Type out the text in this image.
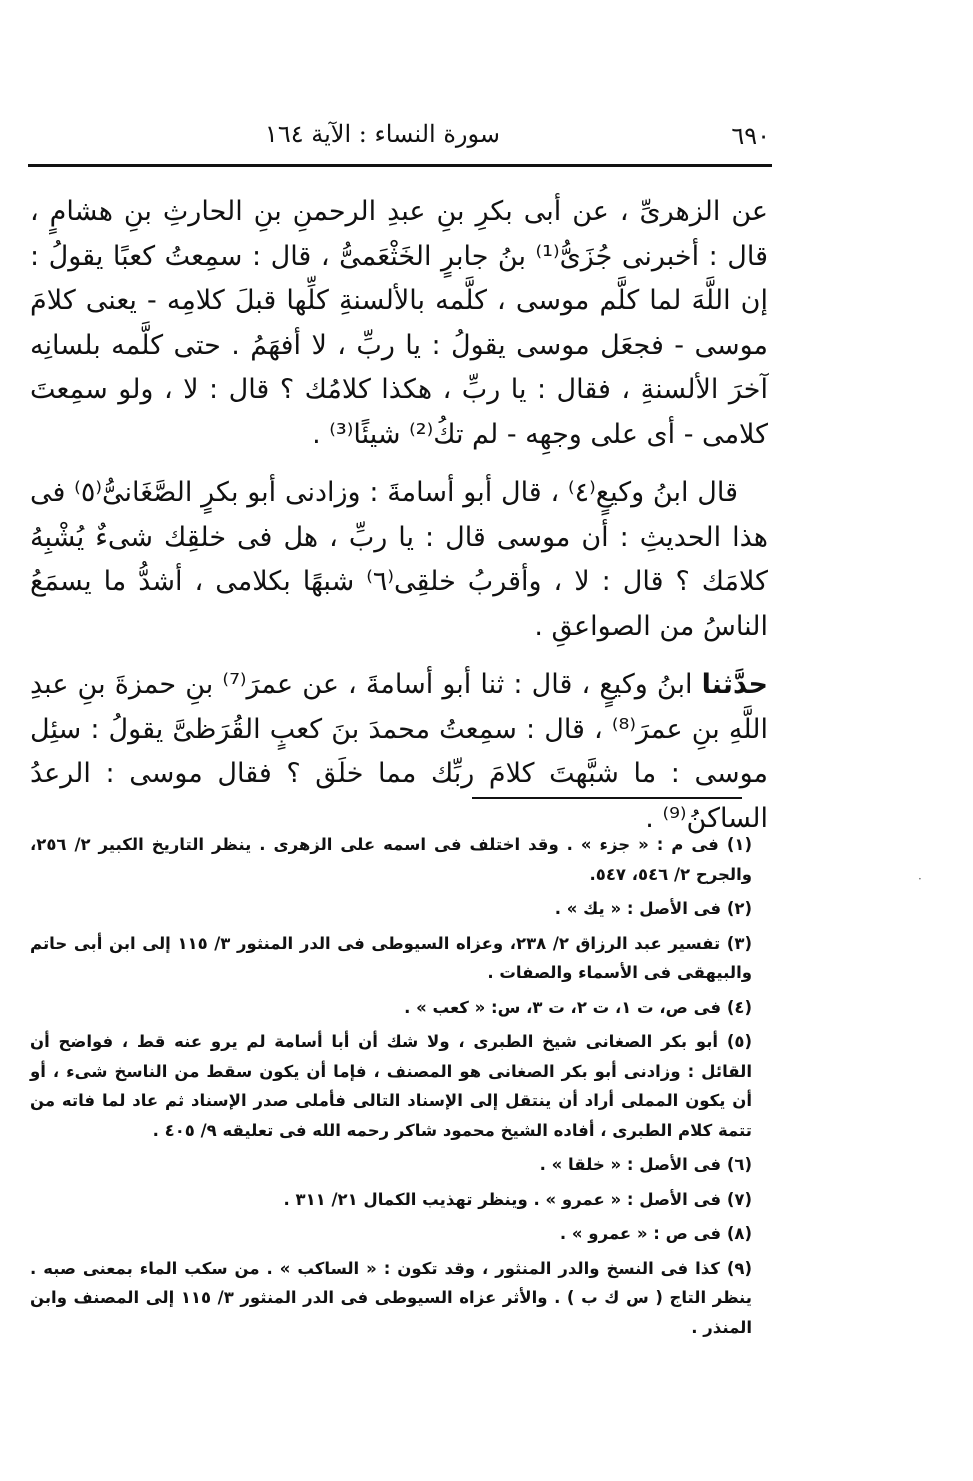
٦٩٠
سورة النساء : الآية ١٦٤

عن الزهرىِّ ، عن أبى بكرِ بنِ عبدِ الرحمنِ بنِ الحارثِ بنِ هشامٍ ، قال : أخبرنى جُزَىُّ⁽¹⁾ بنُ جابرٍ الخَثْعَمىُّ ، قال : سمِعتُ كعبًا يقولُ : إن اللَّهَ لما كلَّم موسى ، كلَّمه بالألسنةِ كلِّها قبلَ كلامِه - يعنى كلامَ موسى - فجعَل موسى يقولُ : يا ربِّ ، لا أفهَمُ . حتى كلَّمه بلسانِه آخرَ الألسنةِ ، فقال : يا ربِّ ، هكذا كلامُك ؟ قال : لا ، ولو سمِعتَ كلامى - أى على وجهِه - لم تكُ⁽²⁾ شيئًا⁽³⁾ .

قال ابنُ وكيعٍ⁽٤⁾ ، قال أبو أسامةَ : وزادنى أبو بكرٍ الصَّغَانىُّ⁽٥⁾ فى هذا الحديثِ : أن موسى قال : يا ربِّ ، هل فى خلقِك شىءٌ يُشْبِهُ كلامَك ؟ قال : لا ، وأقربُ خلقِى⁽٦⁾ شبهًا بكلامى ، أشدُّ ما يسمَعُ الناسُ من الصواعقِ .

حدَّثنا ابنُ وكيعٍ ، قال : ثنا أبو أسامةَ ، عن عمرَ⁽⁷⁾ بنِ حمزةَ بنِ عبدِ اللَّهِ بنِ عمرَ⁽⁸⁾ ، قال : سمِعتُ محمدَ بنَ كعبٍ القُرَظىَّ يقولُ : سئِل موسى : ما شبَّهتَ كلامَ ربِّك مما خلَق ؟ فقال موسى : الرعدُ الساكنُ⁽⁹⁾ .

(١) فى م : « جزء » . وقد اختلف فى اسمه على الزهرى . ينظر التاريخ الكبير ٢/ ٢٥٦، والجرح ٢/ ٥٤٦، ٥٤٧.
(٢) فى الأصل : « يك » .
(٣) تفسير عبد الرزاق ٢/ ٢٣٨، وعزاه السيوطى فى الدر المنثور ٣/ ١١٥ إلى ابن أبى حاتم والبيهقى فى الأسماء والصفات .
(٤) فى ص، ت ١، ت ٢، ت ٣، س: « كعب » .
(٥) أبو بكر الصغانى شيخ الطبرى ، ولا شك أن أبا أسامة لم يرو عنه قط ، فواضح أن القائل : وزادنى أبو بكر الصغانى هو المصنف ، فإما أن يكون سقط من الناسخ شىء ، أو أن يكون المملى أراد أن ينتقل إلى الإسناد التالى فأملى صدر الإسناد ثم عاد لما فاته من تتمة كلام الطبرى ، أفاده الشيخ محمود شاكر رحمه الله فى تعليقه ٩/ ٤٠٥ .
(٦) فى الأصل : « خلقا » .
(٧) فى الأصل : « عمرو » . وينظر تهذيب الكمال ٢١/ ٣١١ .
(٨) فى ص : « عمرو » .
(٩) كذا فى النسخ والدر المنثور ، وقد تكون : « الساكب » . من سكب الماء بمعنى صبه . ينظر التاج ( س ك ب ) . والأثر عزاه السيوطى فى الدر المنثور ٣/ ١١٥ إلى المصنف وابن المنذر .
·
